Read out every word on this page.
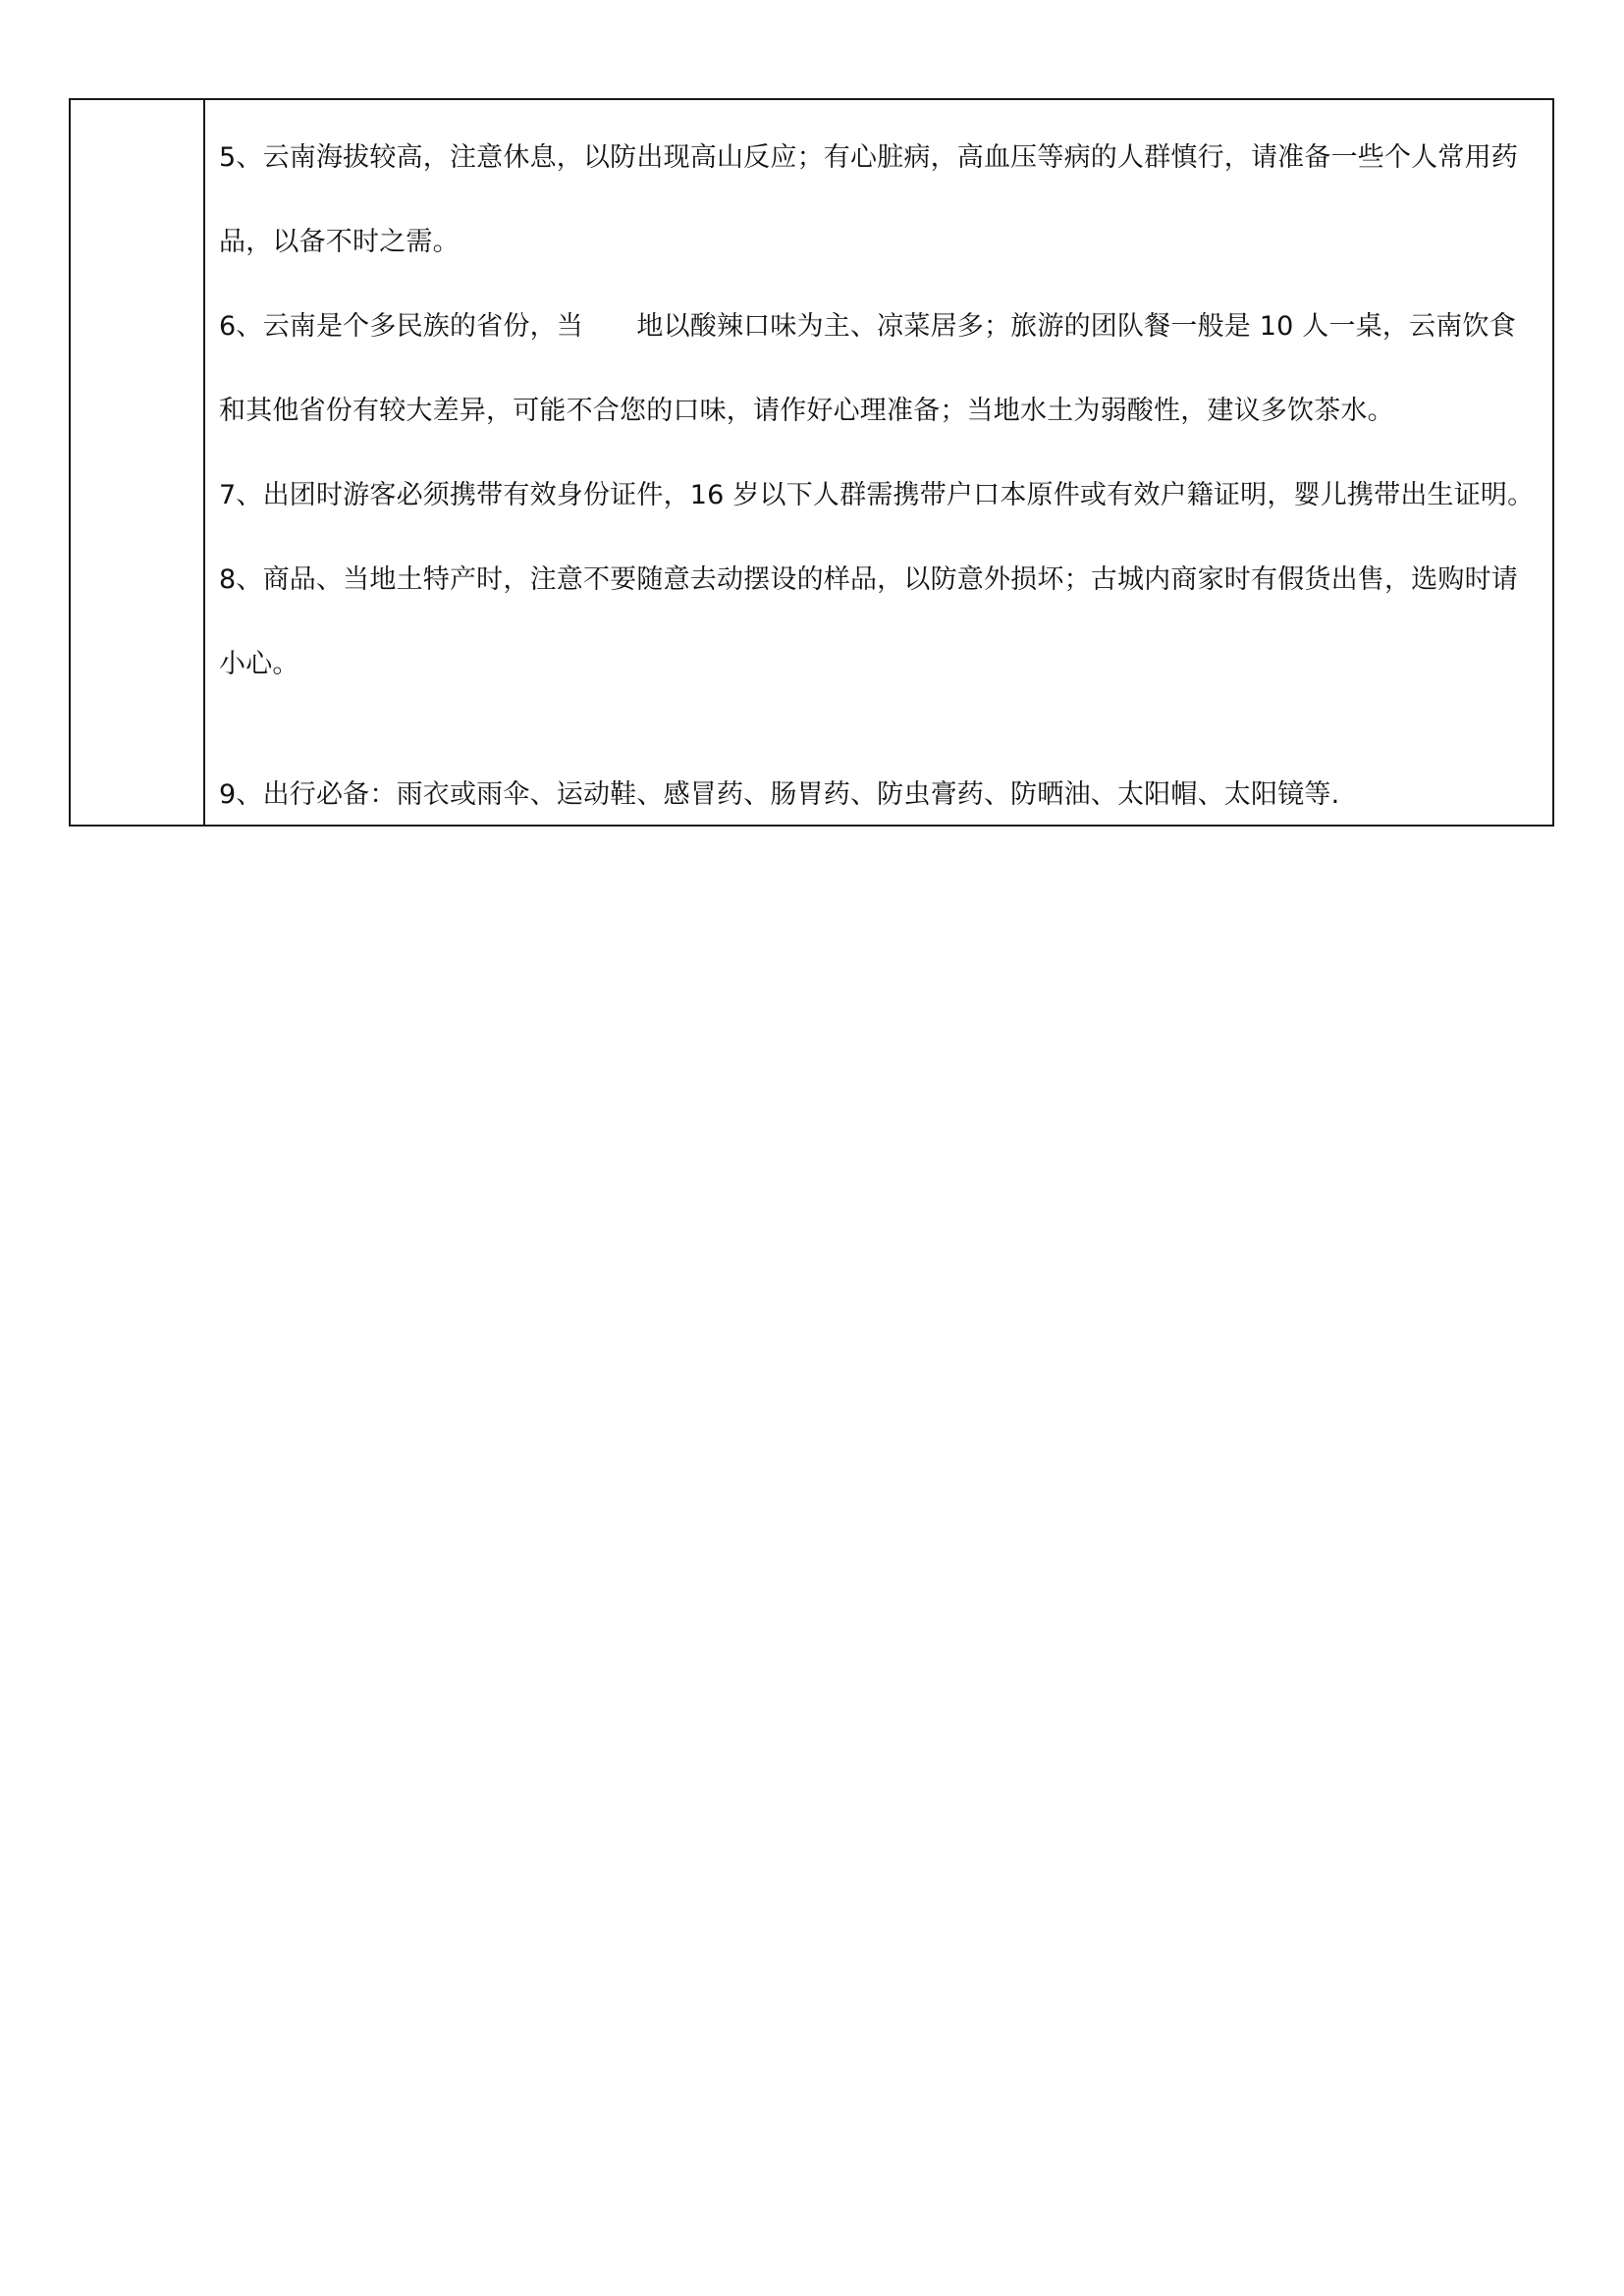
5、云南海拔较高，注意休息，以防出现高山反应；有心脏病，高血压等病的人群慎行，请准备一些个人常用药品，以备不时之需。

6、云南是个多民族的省份，当　　地以酸辣口味为主、凉菜居多；旅游的团队餐一般是 10 人一桌，云南饮食和其他省份有较大差异，可能不合您的口味，请作好心理准备；当地水土为弱酸性，建议多饮茶水。

7、出团时游客必须携带有效身份证件，16 岁以下人群需携带户口本原件或有效户籍证明，婴儿携带出生证明。

8、商品、当地土特产时，注意不要随意去动摆设的样品，以防意外损坏；古城内商家时有假货出售，选购时请小心。

9、出行必备：雨衣或雨伞、运动鞋、感冒药、肠胃药、防虫膏药、防晒油、太阳帽、太阳镜等.
